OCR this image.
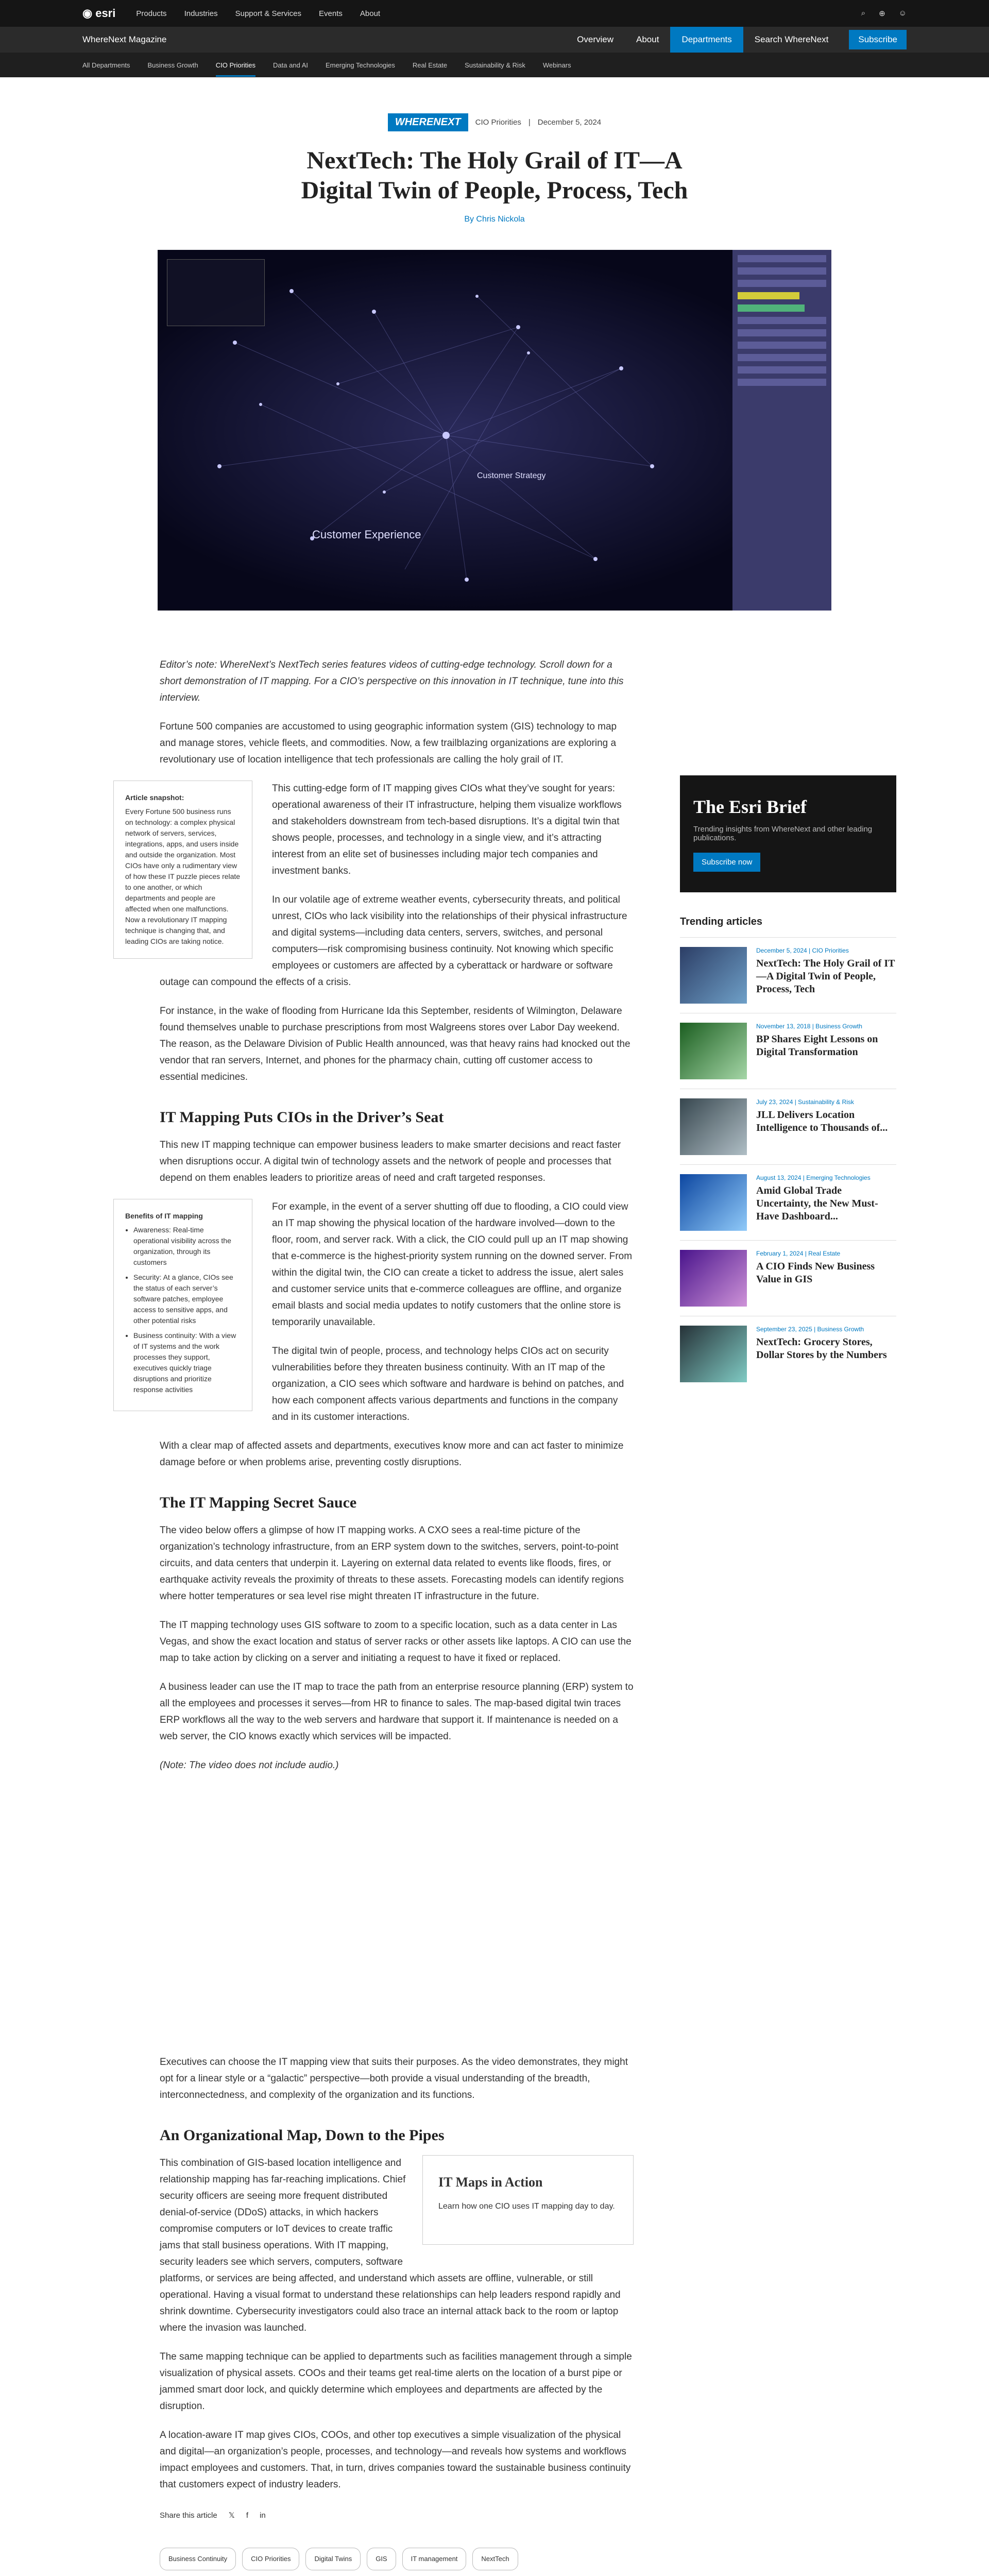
◉ esri	Products Industries Support & Services Events About	⌕ ⊕ ☺
WhereNext Magazine	Overview	About	Departments	Search WhereNext	Subscribe
All Departments	Business Growth	CIO Priorities	Data and AI	Emerging Technologies	Real Estate	Sustainability & Risk	Webinars
WHERENEXT	CIO Priorities | December 5, 2024
NextTech: The Holy Grail of IT—A Digital Twin of People, Process, Tech
By Chris Nickola
Customer Experience
Customer Strategy

Editor’s note: WhereNext’s NextTech series features videos of cutting-edge technology. Scroll down for a short demonstration of IT mapping. For a CIO’s perspective on this innovation in IT technique, tune into this interview.

Fortune 500 companies are accustomed to using geographic information system (GIS) technology to map and manage stores, vehicle fleets, and commodities. Now, a few trailblazing organizations are exploring a revolutionary use of location intelligence that tech professionals are calling the holy grail of IT.

Article snapshot:
Every Fortune 500 business runs on technology: a complex physical network of servers, services, integrations, apps, and users inside and outside the organization. Most CIOs have only a rudimentary view of how these IT puzzle pieces relate to one another, or which departments and people are affected when one malfunctions. Now a revolutionary IT mapping technique is changing that, and leading CIOs are taking notice.

This cutting-edge form of IT mapping gives CIOs what they’ve sought for years: operational awareness of their IT infrastructure, helping them visualize workflows and stakeholders downstream from tech-based disruptions. It’s a digital twin that shows people, processes, and technology in a single view, and it’s attracting interest from an elite set of businesses including major tech companies and investment banks.

In our volatile age of extreme weather events, cybersecurity threats, and political unrest, CIOs who lack visibility into the relationships of their physical infrastructure and digital systems—including data centers, servers, switches, and personal computers—risk compromising business continuity. Not knowing which specific employees or customers are affected by a cyberattack or hardware or software outage can compound the effects of a crisis.

For instance, in the wake of flooding from Hurricane Ida this September, residents of Wilmington, Delaware found themselves unable to purchase prescriptions from most Walgreens stores over Labor Day weekend. The reason, as the Delaware Division of Public Health announced, was that heavy rains had knocked out the vendor that ran servers, Internet, and phones for the pharmacy chain, cutting off customer access to essential medicines.

IT Mapping Puts CIOs in the Driver’s Seat

This new IT mapping technique can empower business leaders to make smarter decisions and react faster when disruptions occur. A digital twin of technology assets and the network of people and processes that depend on them enables leaders to prioritize areas of need and craft targeted responses.

Benefits of IT mapping
• Awareness: Real-time operational visibility across the organization, through its customers
• Security: At a glance, CIOs see the status of each server’s software patches, employee access to sensitive apps, and other potential risks
• Business continuity: With a view of IT systems and the work processes they support, executives quickly triage disruptions and prioritize response activities

For example, in the event of a server shutting off due to flooding, a CIO could view an IT map showing the physical location of the hardware involved—down to the floor, room, and server rack. With a click, the CIO could pull up an IT map showing that e-commerce is the highest-priority system running on the downed server. From within the digital twin, the CIO can create a ticket to address the issue, alert sales and customer service units that e-commerce colleagues are offline, and organize email blasts and social media updates to notify customers that the online store is temporarily unavailable.

The digital twin of people, process, and technology helps CIOs act on security vulnerabilities before they threaten business continuity. With an IT map of the organization, a CIO sees which software and hardware is behind on patches, and how each component affects various departments and functions in the company and in its customer interactions.

With a clear map of affected assets and departments, executives know more and can act faster to minimize damage before or when problems arise, preventing costly disruptions.

The IT Mapping Secret Sauce

The video below offers a glimpse of how IT mapping works. A CXO sees a real-time picture of the organization’s technology infrastructure, from an ERP system down to the switches, servers, point-to-point circuits, and data centers that underpin it. Layering on external data related to events like floods, fires, or earthquake activity reveals the proximity of threats to these assets. Forecasting models can identify regions where hotter temperatures or sea level rise might threaten IT infrastructure in the future.

The IT mapping technology uses GIS software to zoom to a specific location, such as a data center in Las Vegas, and show the exact location and status of server racks or other assets like laptops. A CIO can use the map to take action by clicking on a server and initiating a request to have it fixed or replaced.

A business leader can use the IT map to trace the path from an enterprise resource planning (ERP) system to all the employees and processes it serves—from HR to finance to sales. The map-based digital twin traces ERP workflows all the way to the web servers and hardware that support it. If maintenance is needed on a web server, the CIO knows exactly which services will be impacted.

(Note: The video does not include audio.)

Executives can choose the IT mapping view that suits their purposes. As the video demonstrates, they might opt for a linear style or a “galactic” perspective—both provide a visual understanding of the breadth, interconnectedness, and complexity of the organization and its functions.

An Organizational Map, Down to the Pipes
IT Maps in Action

Learn how one CIO uses IT mapping day to day.

This combination of GIS-based location intelligence and relationship mapping has far-reaching implications. Chief security officers are seeing more frequent distributed denial-of-service (DDoS) attacks, in which hackers compromise computers or IoT devices to create traffic jams that stall business operations. With IT mapping, security leaders see which servers, computers, software platforms, or services are being affected, and understand which assets are offline, vulnerable, or still operational. Having a visual format to understand these relationships can help leaders respond rapidly and shrink downtime. Cybersecurity investigators could also trace an internal attack back to the room or laptop where the invasion was launched.

The same mapping technique can be applied to departments such as facilities management through a simple visualization of physical assets. COOs and their teams get real-time alerts on the location of a burst pipe or jammed smart door lock, and quickly determine which employees and departments are affected by the disruption.

A location-aware IT map gives CIOs, COOs, and other top executives a simple visualization of the physical and digital—an organization’s people, processes, and technology—and reveals how systems and workflows impact employees and customers. That, in turn, drives companies toward the sustainable business continuity that customers expect of industry leaders.

Share this article 𝕏 f in
Business Continuity	CIO Priorities	Digital Twins	GIS	IT management	NextTech
The Esri Brief

Trending insights from WhereNext and other leading publications.

Subscribe now
Trending articles
December 5, 2024 | CIO Priorities
NextTech: The Holy Grail of IT—A Digital Twin of People, Process, Tech
November 13, 2018 | Business Growth
BP Shares Eight Lessons on Digital Transformation
July 23, 2024 | Sustainability & Risk
JLL Delivers Location Intelligence to Thousands of...
August 13, 2024 | Emerging Technologies
Amid Global Trade Uncertainty, the New Must-Have Dashboard...
February 1, 2024 | Real Estate
A CIO Finds New Business Value in GIS
September 23, 2025 | Business Growth
NextTech: Grocery Stores, Dollar Stores by the Numbers
